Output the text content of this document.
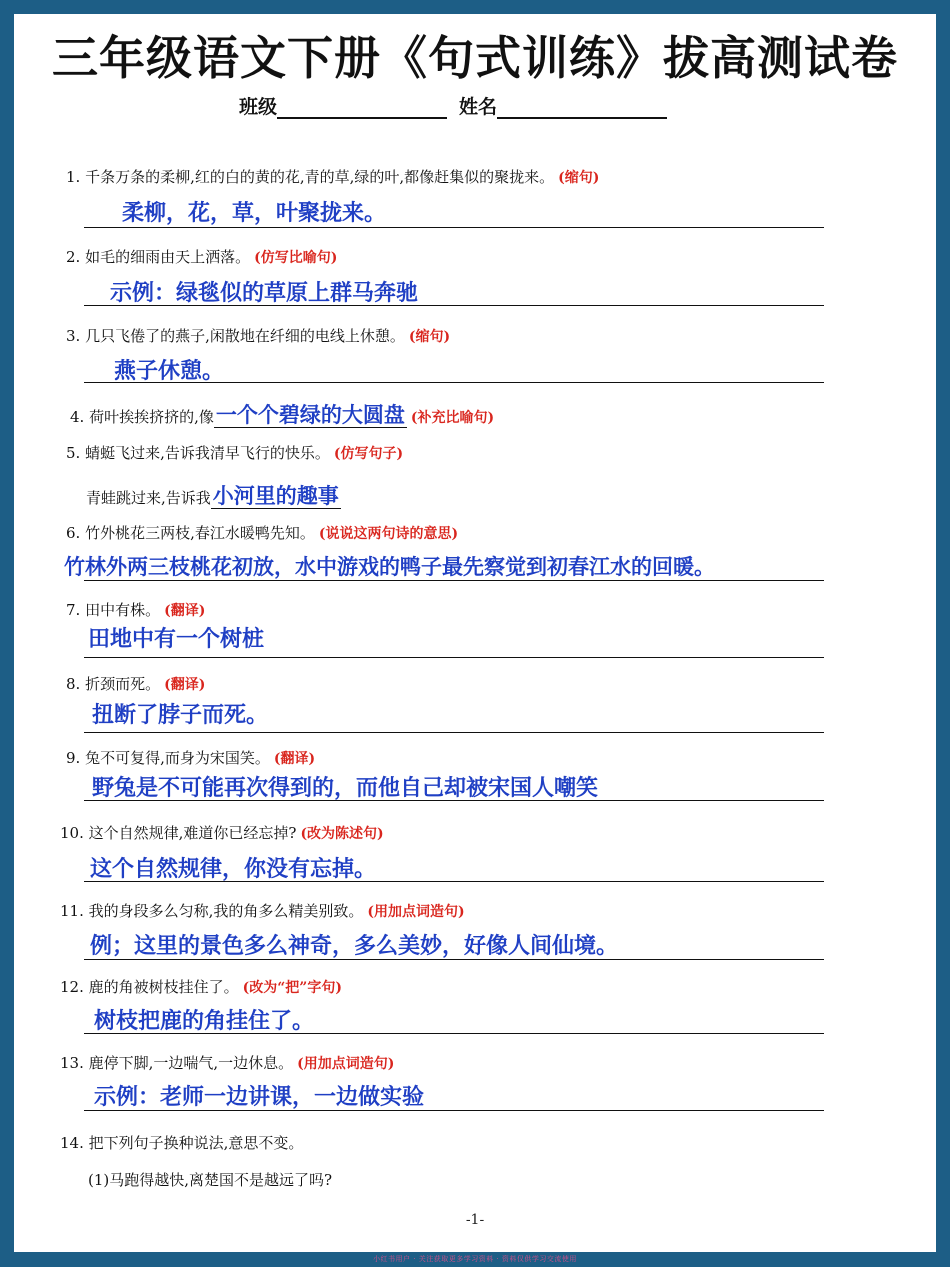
三年级语文下册《句式训练》拔高测试卷
班级	姓名
1. 千条万条的柔柳,红的白的黄的花,青的草,绿的叶,都像赶集似的聚拢来。 (缩句)
柔柳，花，草，叶聚拢来。
2. 如毛的细雨由天上洒落。 (仿写比喻句)
示例：绿毯似的草原上群马奔驰
3. 几只飞倦了的燕子,闲散地在纤细的电线上休憩。 (缩句)
燕子休憩。
4. 荷叶挨挨挤挤的,像一个个碧绿的大圆盘 (补充比喻句)
5. 蜻蜓飞过来,告诉我清早飞行的快乐。 (仿写句子)
青蛙跳过来,告诉我小河里的趣事
6. 竹外桃花三两枝,春江水暖鸭先知。 (说说这两句诗的意思)
竹林外两三枝桃花初放，水中游戏的鸭子最先察觉到初春江水的回暖。
7. 田中有株。 (翻译)
田地中有一个树桩
8. 折颈而死。 (翻译)
扭断了脖子而死。
9. 兔不可复得,而身为宋国笑。 (翻译)
野兔是不可能再次得到的，而他自己却被宋国人嘲笑
10. 这个自然规律,难道你已经忘掉? (改为陈述句)
这个自然规律，你没有忘掉。
11. 我的身段多么匀称,我的角多么精美别致。 (用加点词造句)
例；这里的景色多么神奇，多么美妙，好像人间仙境。
12. 鹿的角被树枝挂住了。 (改为“把”字句)
树枝把鹿的角挂住了。
13. 鹿停下脚,一边喘气,一边休息。 (用加点词造句)
示例：老师一边讲课，一边做实验
14. 把下列句子换种说法,意思不变。
(1)马跑得越快,离楚国不是越远了吗?
-1-
小红书用户 · 关注获取更多学习资料 · 资料仅供学习交流使用
